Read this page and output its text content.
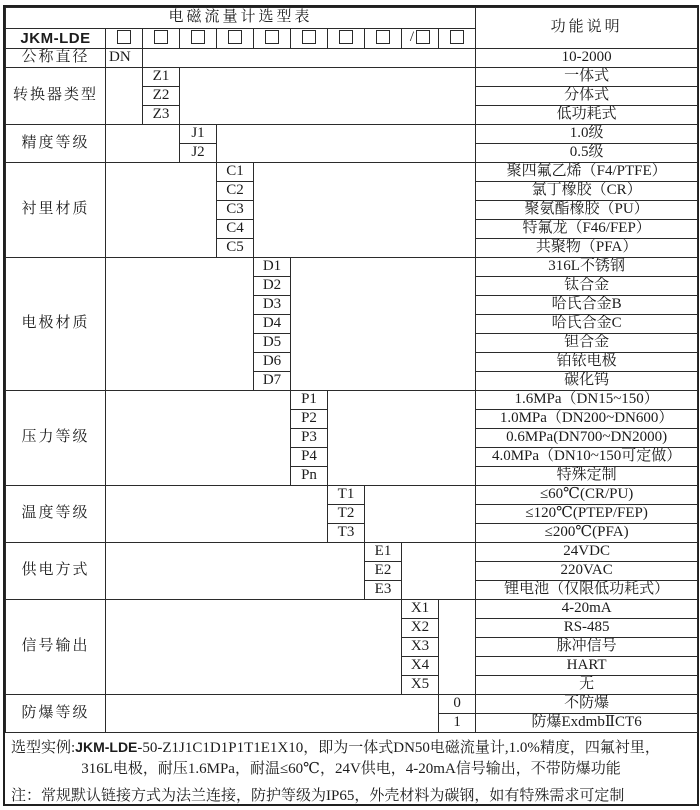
电磁流量计选型表											功能说明
JKM-LDE									/		
公称直径	DN										10-2000
转换器类型		Z1									一体式
		Z2									分体式
		Z3									低功耗式
精度等级			J1								1.0级
			J2								0.5级
衬里材质				C1							聚四氟乙烯（F4/PTFE）
				C2							氯丁橡胶（CR）
				C3							聚氨酯橡胶（PU）
				C4							特氟龙（F46/FEP）
				C5							共聚物（PFA）
电极材质					D1						316L不锈钢
					D2						钛合金
					D3						哈氏合金B
					D4						哈氏合金C
					D5						钽合金
					D6						铂铱电极
					D7						碳化钨
压力等级						P1					1.6MPa（DN15~150）
						P2					1.0MPa（DN200~DN600）
						P3					0.6MPa(DN700~DN2000)
						P4					4.0MPa（DN10~150可定做）
						Pn					特殊定制
温度等级							T1				≤60℃(CR/PU)
							T2				≤120℃(PTEP/FEP)
							T3				≤200℃(PFA)
供电方式								E1			24VDC
								E2			220VAC
								E3			锂电池（仅限低功耗式）
信号输出									X1		4-20mA
									X2		RS-485
									X3		脉冲信号
									X4		HART
									X5		无
防爆等级										0	不防爆
										1	防爆ExdmbⅡCT6
选型实例:JKM-LDE-50-Z1J1C1D1P1T1E1X10，即为一体式DN50电磁流量计,1.0%精度，四氟衬里，
316L电极，耐压1.6MPa，耐温≤60℃，24V供电，4-20mA信号输出，不带防爆功能
注：常规默认链接方式为法兰连接，防护等级为IP65，外壳材料为碳钢，如有特殊需求可定制
